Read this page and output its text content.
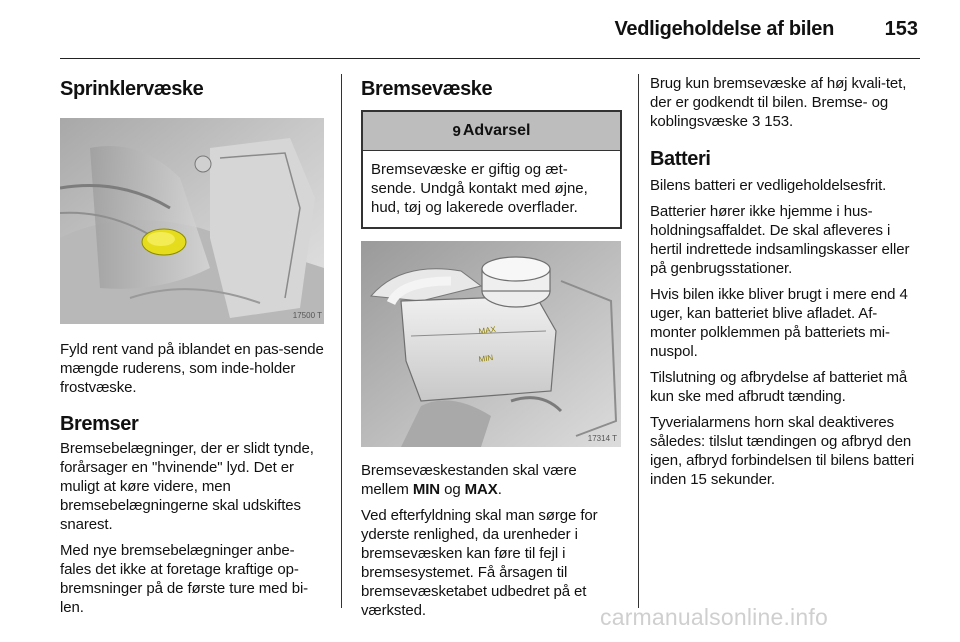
Vedligeholdelse af bilen	153
Sprinklervæske
17500 T

Fyld rent vand på iblandet en pas-sende mængde ruderens, som inde-holder frostvæske.

Bremser

Bremsebelægninger, der er slidt tynde, forårsager en "hvinende" lyd. Det er muligt at køre videre, men bremsebelægningerne skal udskiftes snarest.

Med nye bremsebelægninger anbe-fales det ikke at foretage kraftige op-bremsninger på de første ture med bi-len.

Bremsevæske
9 Advarsel
Bremsevæske er giftig og æt-sende. Undgå kontakt med øjne, hud, tøj og lakerede overflader.
MAX
MIN
17314 T

Bremsevæskestanden skal være mellem MIN og MAX.

Ved efterfyldning skal man sørge for yderste renlighed, da urenheder i bremsevæsken kan føre til fejl i bremsesystemet. Få årsagen til bremsevæsketabet udbedret på et værksted.

Brug kun bremsevæske af høj kvali-tet, der er godkendt til bilen. Bremse- og koblingsvæske 3 153.

Batteri

Bilens batteri er vedligeholdelsesfrit.

Batterier hører ikke hjemme i hus-holdningsaffaldet. De skal afleveres i hertil indrettede indsamlingskasser eller på genbrugsstationer.

Hvis bilen ikke bliver brugt i mere end 4 uger, kan batteriet blive afladet. Af-monter polklemmen på batteriets mi-nuspol.

Tilslutning og afbrydelse af batteriet må kun ske med afbrudt tænding.

Tyverialarmens horn skal deaktiveres således: tilslut tændingen og afbryd den igen, afbryd forbindelsen til bilens batteri inden 15 sekunder.

carmanualsonline.info
